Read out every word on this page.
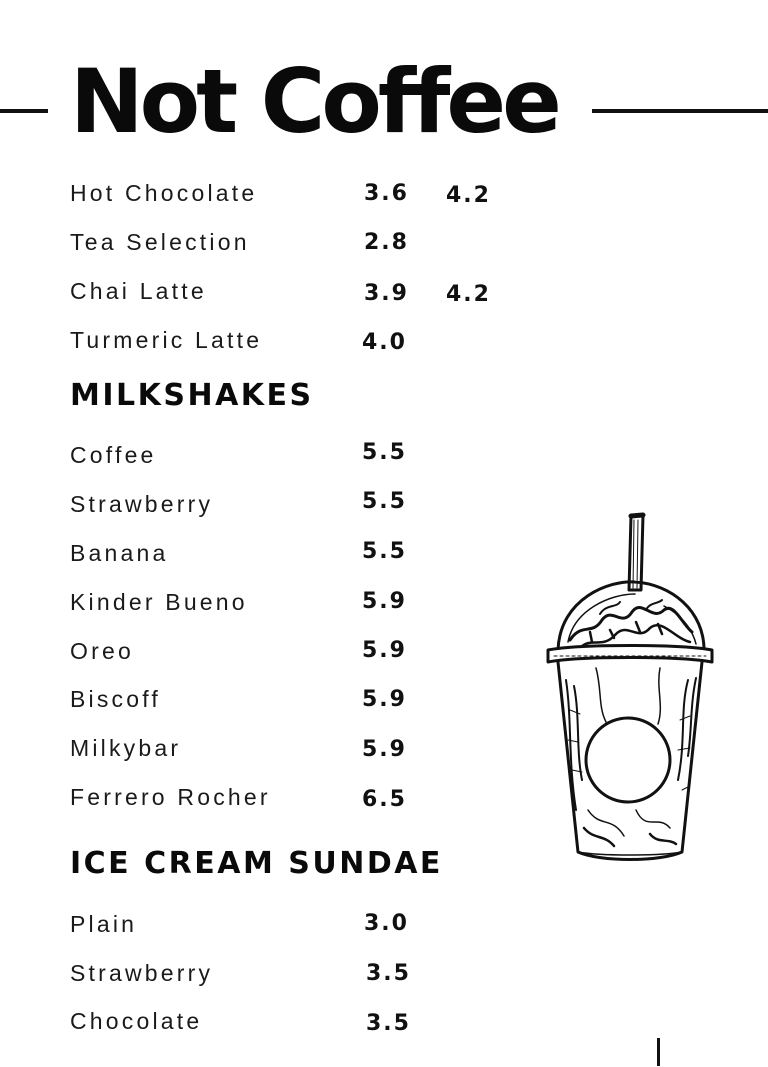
Not Coffee
Hot Chocolate	3.6 4.2
Tea Selection	2.8
Chai Latte	3.9 4.2
Turmeric Latte	4.0
MILKSHAKES
Coffee	5.5
Strawberry	5.5
Banana	5.5
Kinder Bueno	5.9
Oreo	5.9
Biscoff	5.9
Milkybar	5.9
Ferrero Rocher	6.5
ICE CREAM SUNDAE
Plain	3.0
Strawberry	3.5
Chocolate	3.5
